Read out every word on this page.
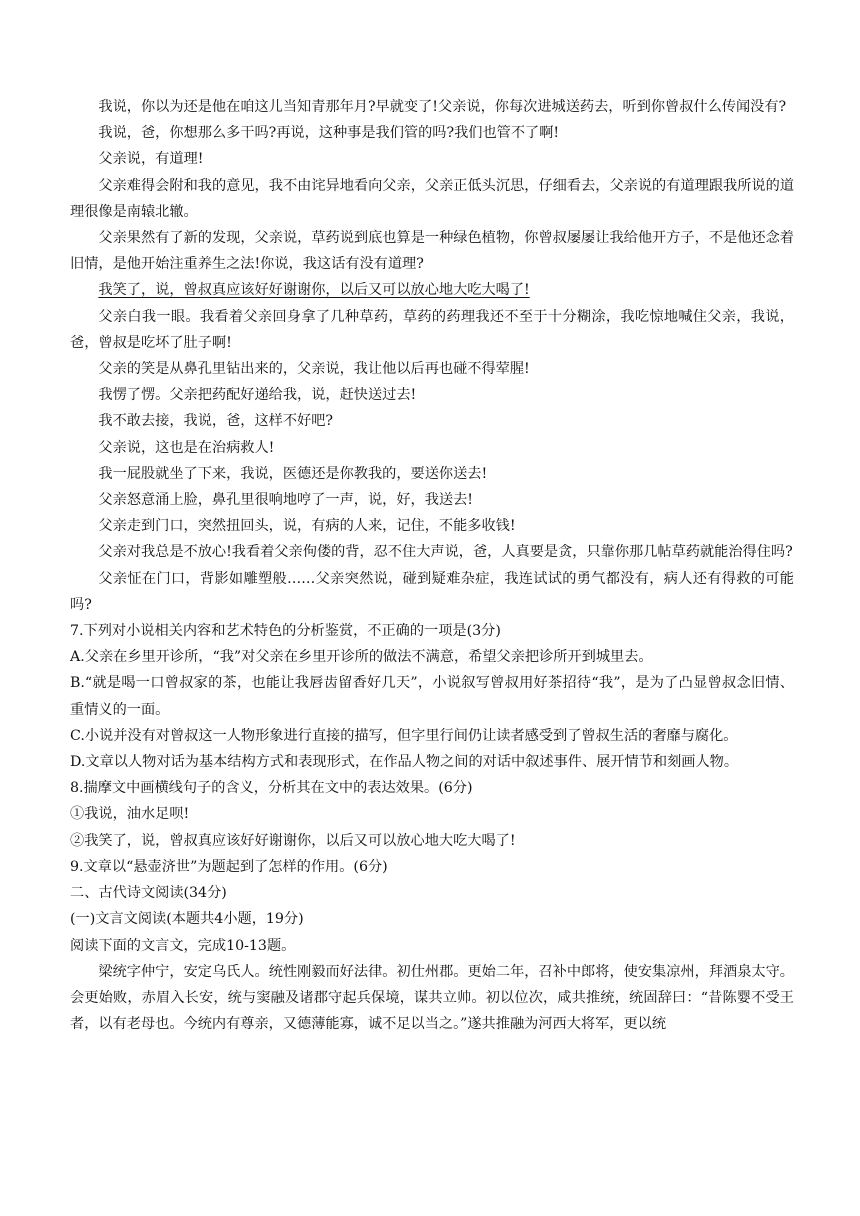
我说，你以为还是他在咱这儿当知青那年月?早就变了!父亲说，你每次进城送药去，听到你曾叔什么传闻没有?

我说，爸，你想那么多干吗?再说，这种事是我们管的吗?我们也管不了啊!

父亲说，有道理!

父亲难得会附和我的意见，我不由诧异地看向父亲，父亲正低头沉思，仔细看去，父亲说的有道理跟我所说的道理很像是南辕北辙。

父亲果然有了新的发现，父亲说，草药说到底也算是一种绿色植物，你曾叔屡屡让我给他开方子，不是他还念着旧情，是他开始注重养生之法!你说，我这话有没有道理?

我笑了，说，曾叔真应该好好谢谢你，以后又可以放心地大吃大喝了!

父亲白我一眼。我看着父亲回身拿了几种草药，草药的药理我还不至于十分糊涂，我吃惊地喊住父亲，我说，爸，曾叔是吃坏了肚子啊!

父亲的笑是从鼻孔里钻出来的，父亲说，我让他以后再也碰不得荤腥!

我愣了愣。父亲把药配好递给我，说，赶快送过去!

我不敢去接，我说，爸，这样不好吧?

父亲说，这也是在治病救人!

我一屁股就坐了下来，我说，医德还是你教我的，要送你送去!

父亲怒意涌上脸，鼻孔里很响地哼了一声，说，好，我送去!

父亲走到门口，突然扭回头，说，有病的人来，记住，不能多收钱!

父亲对我总是不放心!我看着父亲佝偻的背，忍不住大声说，爸，人真要是贪，只靠你那几帖草药就能治得住吗?

父亲怔在门口，背影如雕塑般……父亲突然说，碰到疑难杂症，我连试试的勇气都没有，病人还有得救的可能吗?

7.下列对小说相关内容和艺术特色的分析鉴赏，不正确的一项是(3分)

A.父亲在乡里开诊所，“我”对父亲在乡里开诊所的做法不满意，希望父亲把诊所开到城里去。

B.“就是喝一口曾叔家的茶，也能让我唇齿留香好几天”，小说叙写曾叔用好茶招待“我”，是为了凸显曾叔念旧情、重情义的一面。

C.小说并没有对曾叔这一人物形象进行直接的描写，但字里行间仍让读者感受到了曾叔生活的奢靡与腐化。

D.文章以人物对话为基本结构方式和表现形式，在作品人物之间的对话中叙述事件、展开情节和刻画人物。

8.揣摩文中画横线句子的含义，分析其在文中的表达效果。(6分)

①我说，油水足呗!

②我笑了，说，曾叔真应该好好谢谢你，以后又可以放心地大吃大喝了!

9.文章以“悬壶济世”为题起到了怎样的作用。(6分)

二、古代诗文阅读(34分)

(一)文言文阅读(本题共4小题，19分)

阅读下面的文言文，完成10-13题。

梁统字仲宁，安定乌氏人。统性刚毅而好法律。初仕州郡。更始二年，召补中郎将，使安集凉州，拜酒泉太守。会更始败，赤眉入长安，统与窦融及诸郡守起兵保境，谋共立帅。初以位次，咸共推统，统固辞曰：“昔陈婴不受王者，以有老母也。今统内有尊亲，又德薄能寡，诚不足以当之。”遂共推融为河西大将军，更以统
